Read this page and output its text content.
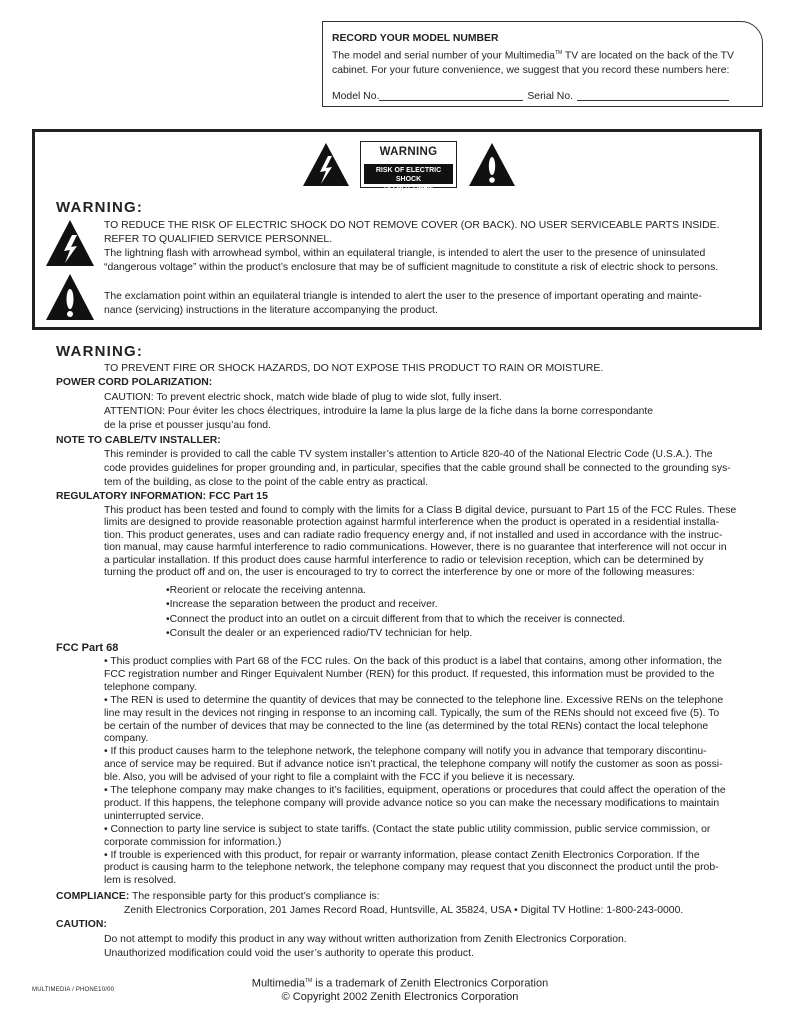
RECORD YOUR MODEL NUMBER
The model and serial number of your Multimedia™ TV are located on the back of the TV
cabinet. For your future convenience, we suggest that you record these numbers here:
Model No.	Serial No.
WARNING
RISK OF ELECTRIC SHOCK
DO NOT OPEN
WARNING:
TO REDUCE THE RISK OF ELECTRIC SHOCK DO NOT REMOVE COVER (OR BACK). NO USER SERVICEABLE PARTS INSIDE.
REFER TO QUALIFIED SERVICE PERSONNEL.
The lightning flash with arrowhead symbol, within an equilateral triangle, is intended to alert the user to the presence of uninsulated
“dangerous voltage” within the product’s enclosure that may be of sufficient magnitude to constitute a risk of electric shock to persons.
The exclamation point within an equilateral triangle is intended to alert the user to the presence of important operating and mainte-
nance (servicing) instructions in the literature accompanying the product.
WARNING:
TO PREVENT FIRE OR SHOCK HAZARDS, DO NOT EXPOSE THIS PRODUCT TO RAIN OR MOISTURE.
POWER CORD POLARIZATION:
CAUTION: To prevent electric shock, match wide blade of plug to wide slot, fully insert.
ATTENTION: Pour éviter les chocs électriques, introduire la lame la plus large de la fiche dans la borne correspondante
de la prise et pousser jusqu’au fond.
NOTE TO CABLE/TV INSTALLER:
This reminder is provided to call the cable TV system installer’s attention to Article 820-40 of the National Electric Code (U.S.A.). The
code provides guidelines for proper grounding and, in particular, specifies that the cable ground shall be connected to the grounding sys-
tem of the building, as close to the point of the cable entry as practical.
REGULATORY INFORMATION: FCC Part 15
This product has been tested and found to comply with the limits for a Class B digital device, pursuant to Part 15 of the FCC Rules. These
limits are designed to provide reasonable protection against harmful interference when the product is operated in a residential installa-
tion. This product generates, uses and can radiate radio frequency energy and, if not installed and used in accordance with the instruc-
tion manual, may cause harmful interference to radio communications. However, there is no guarantee that interference will not occur in
a particular installation. If this product does cause harmful interference to radio or television reception, which can be determined by
turning the product off and on, the user is encouraged to try to correct the interference by one or more of the following measures:
• Reorient or relocate the receiving antenna.
• Increase the separation between the product and receiver.
• Connect the product into an outlet on a circuit different from that to which the receiver is connected.
• Consult the dealer or an experienced radio/TV technician for help.
FCC Part 68
• This product complies with Part 68 of the FCC rules. On the back of this product is a label that contains, among other information, the
FCC registration number and Ringer Equivalent Number (REN) for this product. If requested, this information must be provided to the
telephone company.
• The REN is used to determine the quantity of devices that may be connected to the telephone line. Excessive RENs on the telephone
line may result in the devices not ringing in response to an incoming call. Typically, the sum of the RENs should not exceed five (5). To
be certain of the number of devices that may be connected to the line (as determined by the total RENs) contact the local telephone
company.
• If this product causes harm to the telephone network, the telephone company will notify you in advance that temporary discontinu-
ance of service may be required. But if advance notice isn’t practical, the telephone company will notify the customer as soon as possi-
ble. Also, you will be advised of your right to file a complaint with the FCC if you believe it is necessary.
• The telephone company may make changes to it’s facilities, equipment, operations or procedures that could affect the operation of the
product. If this happens, the telephone company will provide advance notice so you can make the necessary modifications to maintain
uninterrupted service.
• Connection to party line service is subject to state tariffs. (Contact the state public utility commission, public service commission, or
corporate commission for information.)
• If trouble is experienced with this product, for repair or warranty information, please contact Zenith Electronics Corporation. If the
product is causing harm to the telephone network, the telephone company may request that you disconnect the product until the prob-
lem is resolved.
COMPLIANCE: The responsible party for this product’s compliance is:
Zenith Electronics Corporation, 201 James Record Road, Huntsville, AL 35824, USA • Digital TV Hotline: 1-800-243-0000.
CAUTION:
Do not attempt to modify this product in any way without written authorization from Zenith Electronics Corporation.
Unauthorized modification could void the user’s authority to operate this product.
MULTIMEDIA / PHONE10/00
Multimedia™ is a trademark of Zenith Electronics Corporation
© Copyright 2002 Zenith Electronics Corporation
